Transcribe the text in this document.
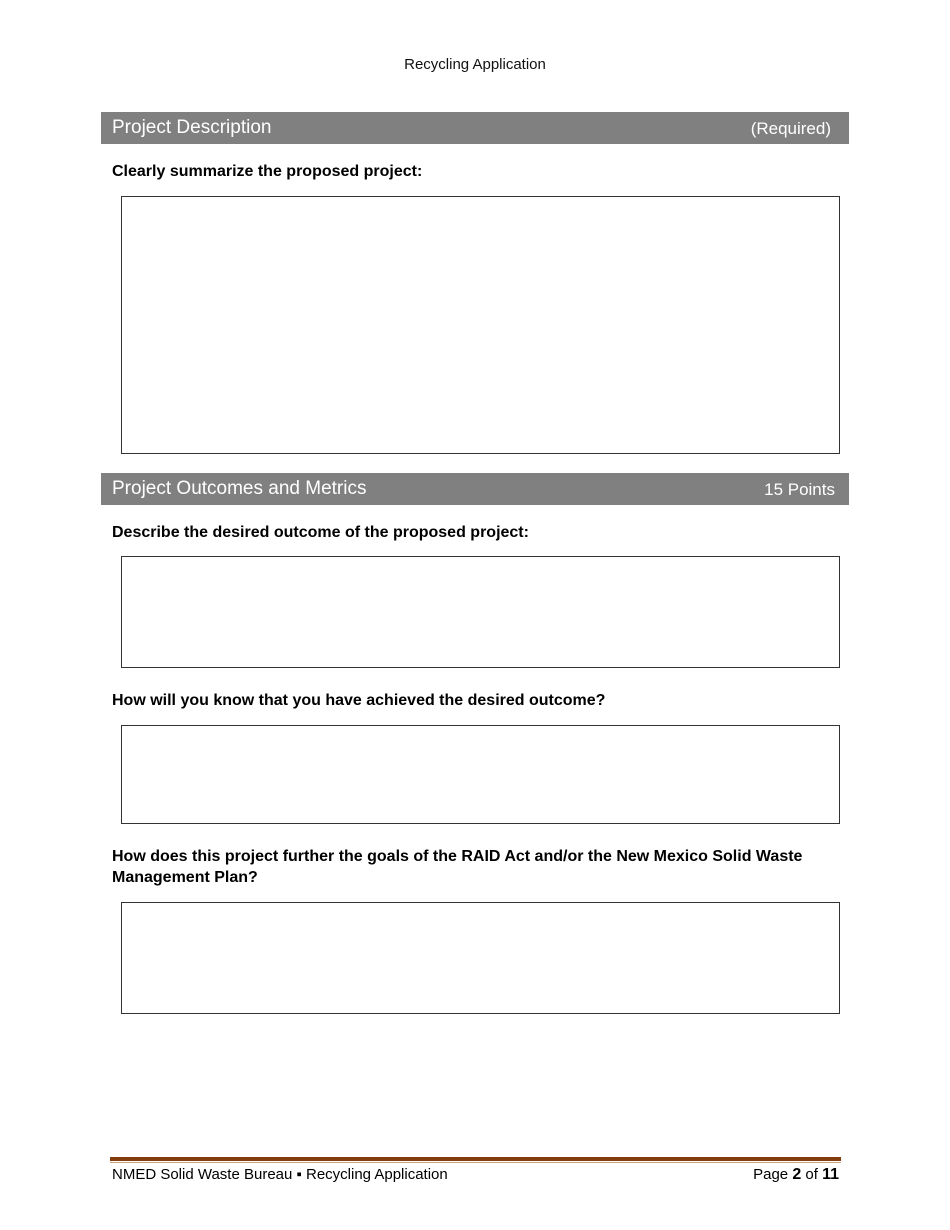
Recycling Application
Project Description	(Required)
Clearly summarize the proposed project:
Project Outcomes and Metrics	15 Points
Describe the desired outcome of the proposed project:
How will you know that you have achieved the desired outcome?
How does this project further the goals of the RAID Act and/or the New Mexico Solid Waste Management Plan?
NMED Solid Waste Bureau ▪ Recycling Application	Page 2 of 11
